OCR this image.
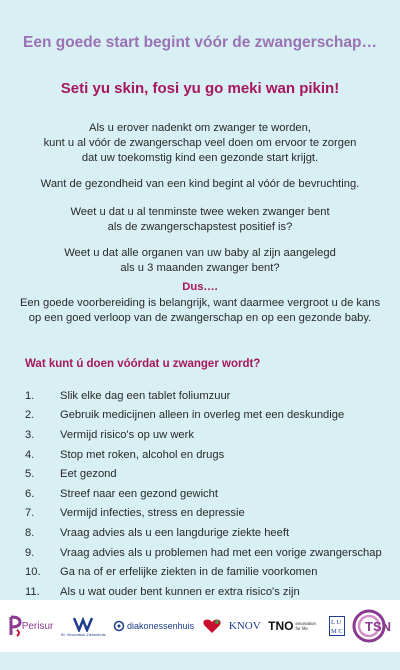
Een goede start begint vóór de zwangerschap…
Seti yu skin, fosi yu go meki wan pikin!

Als u erover nadenkt om zwanger te worden,
kunt u al vóór de zwangerschap veel doen om ervoor te zorgen
dat uw toekomstig kind een gezonde start krijgt.

Want de gezondheid van een kind begint al vóór de bevruchting.

Weet u dat u al tenminste twee weken zwanger bent
als de zwangerschapstest positief is?

Weet u dat alle organen van uw baby al zijn aangelegd
als u 3 maanden zwanger bent?

Dus….

Een goede voorbereiding is belangrijk, want daarmee vergroot u de kans
op een goed verloop van de zwangerschap en op een gezonde baby.

Wat kunt ú doen vóórdat u zwanger wordt?
1.	Slik elke dag een tablet foliumzuur
2.	Gebruik medicijnen alleen in overleg met een deskundige
3.	Vermijd risico's op uw werk
4.	Stop met roken, alcohol en drugs
5.	Eet gezond
6.	Streef naar een gezond gewicht
7.	Vermijd infecties, stress en depressie
8.	Vraag advies als u een langdurige ziekte heeft
9.	Vraag advies als u problemen had met een vorige zwangerschap
10.	Ga na of er erfelijke ziekten in de familie voorkomen
11.	Als u wat ouder bent kunnen er extra risico's zijn
Perisur
St. Vincentius Ziekenhuis
diakonessenhuis	KNOV TNO innovation for life
L U
M C TSN
